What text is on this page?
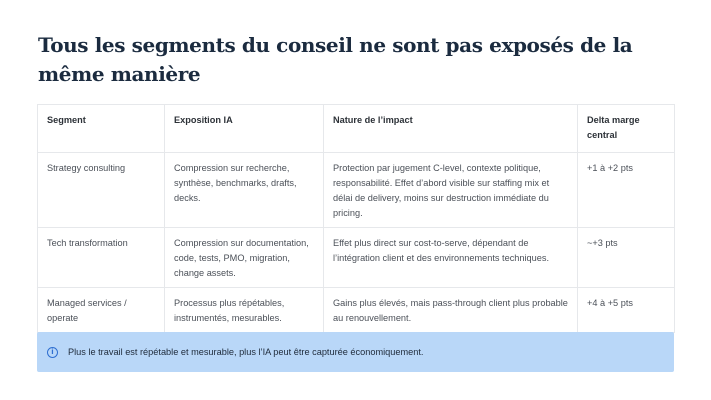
Tous les segments du conseil ne sont pas exposés de la même manière
Segment	Exposition IA	Nature de l’impact	Delta marge central
Strategy consulting	Compression sur recherche, synthèse, benchmarks, drafts, decks.	Protection par jugement C-level, contexte politique, responsabilité. Effet d’abord visible sur staffing mix et délai de delivery, moins sur destruction immédiate du pricing.	+1 à +2 pts
Tech transformation	Compression sur documentation, code, tests, PMO, migration, change assets.	Effet plus direct sur cost-to-serve, dépendant de l’intégration client et des environnements techniques.	~+3 pts
Managed services / operate	Processus plus répétables, instrumentés, mesurables.	Gains plus élevés, mais pass-through client plus probable au renouvellement.	+4 à +5 pts
i	Plus le travail est répétable et mesurable, plus l’IA peut être capturée économiquement.
